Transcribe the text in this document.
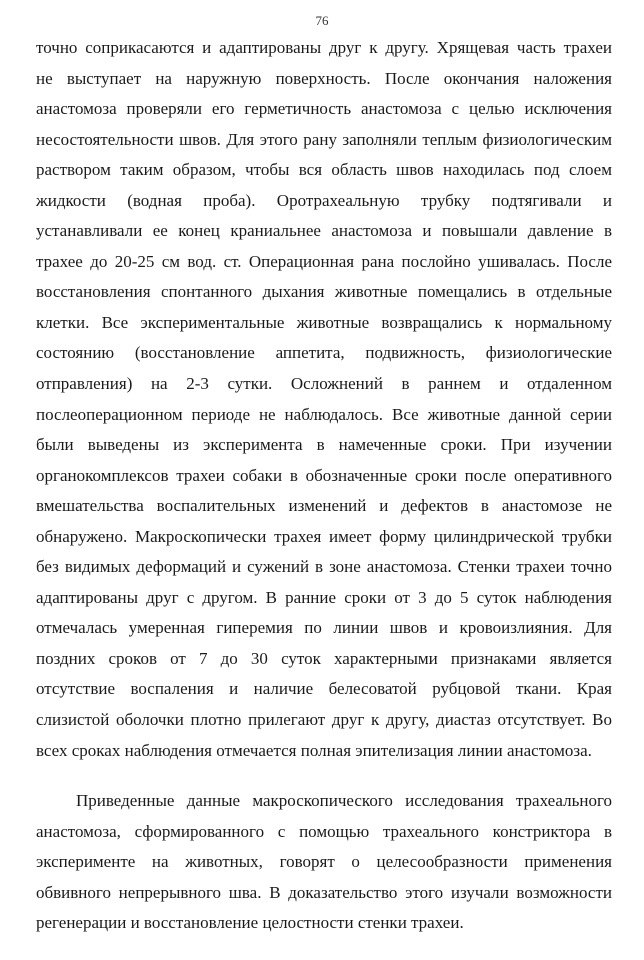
76
точно соприкасаются и адаптированы друг к другу. Хрящевая часть трахеи
не выступает на наружную поверхность. После окончания наложения
анастомоза проверяли его герметичность анастомоза с целью исключения
несостоятельности швов. Для этого рану заполняли теплым физиологическим
раствором таким образом, чтобы вся область швов находилась под слоем
жидкости (водная проба). Оротрахеальную трубку подтягивали и
устанавливали ее конец краниальнее анастомоза и повышали давление в
трахее до 20-25 см вод. ст. Операционная рана послойно ушивалась. После
восстановления спонтанного дыхания животные помещались в отдельные
клетки. Все экспериментальные животные возвращались к нормальному
состоянию (восстановление аппетита, подвижность, физиологические
отправления) на 2-3 сутки. Осложнений в раннем и отдаленном
послеоперационном периоде не наблюдалось. Все животные данной серии
были выведены из эксперимента в намеченные сроки. При изучении
органокомплексов трахеи собаки в обозначенные сроки после оперативного
вмешательства воспалительных изменений и дефектов в анастомозе не
обнаружено. Макроскопически трахея имеет форму цилиндрической трубки
без видимых деформаций и сужений в зоне анастомоза. Стенки трахеи точно
адаптированы друг с другом. В ранние сроки от 3 до 5 суток наблюдения
отмечалась умеренная гиперемия по линии швов и кровоизлияния. Для
поздних сроков от 7 до 30 суток характерными признаками является
отсутствие воспаления и наличие белесоватой рубцовой ткани. Края
слизистой оболочки плотно прилегают друг к другу, диастаз отсутствует. Во
всех сроках наблюдения отмечается полная эпителизация линии анастомоза.
Приведенные данные макроскопического исследования трахеального
анастомоза, сформированного с помощью трахеального констриктора в
эксперименте на животных, говорят о целесообразности применения
обвивного непрерывного шва. В доказательство этого изучали возможности
регенерации и восстановление целостности стенки трахеи.
